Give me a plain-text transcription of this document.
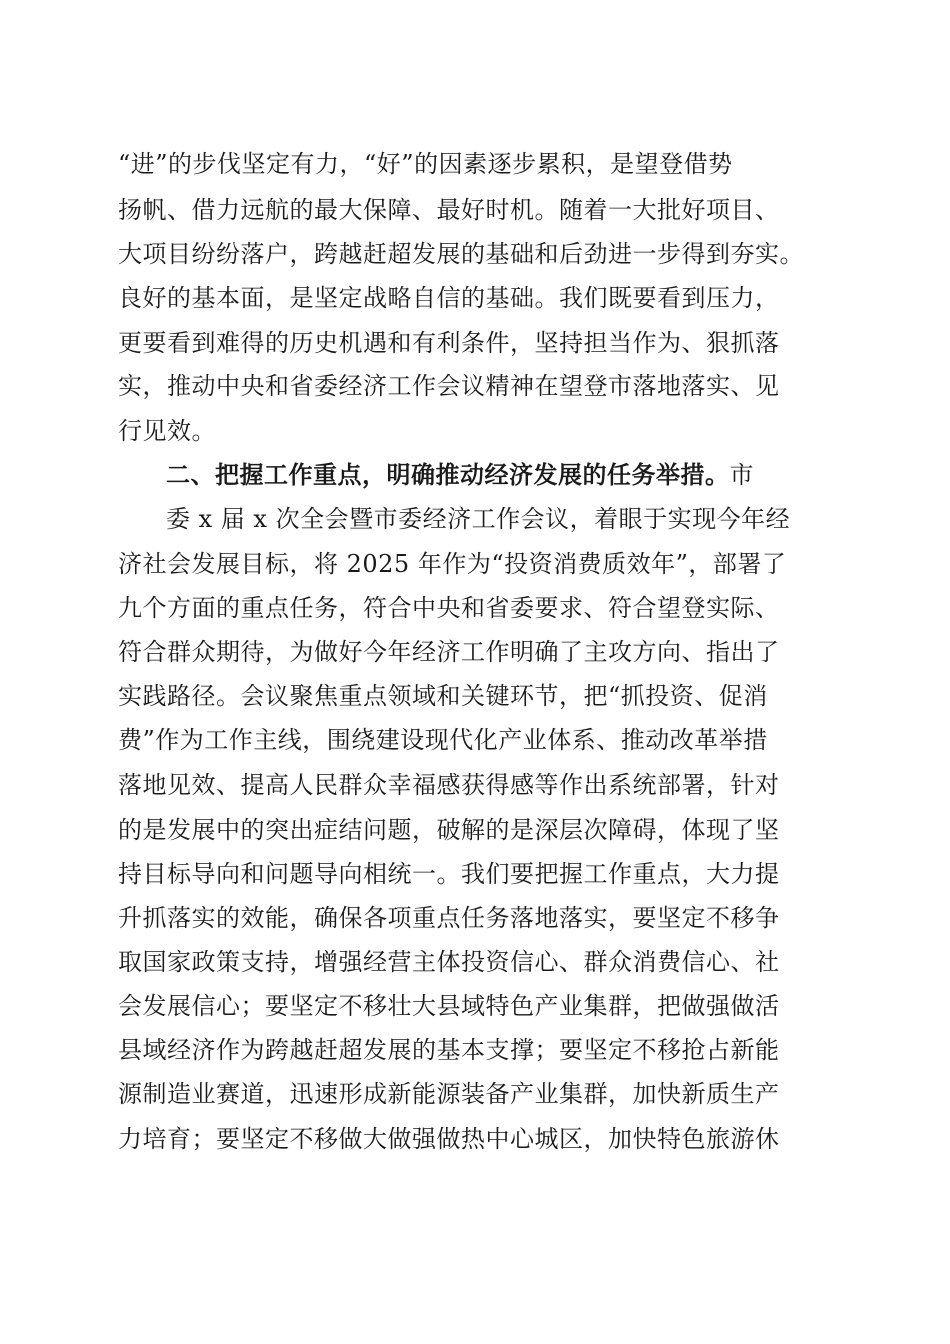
“进”的步伐坚定有力，“好”的因素逐步累积，是望登借势
扬帆、借力远航的最大保障、最好时机。随着一大批好项目、
大项目纷纷落户，跨越赶超发展的基础和后劲进一步得到夯实。
良好的基本面，是坚定战略自信的基础。我们既要看到压力，
更要看到难得的历史机遇和有利条件，坚持担当作为、狠抓落
实，推动中央和省委经济工作会议精神在望登市落地落实、见
行见效。
二、把握工作重点，明确推动经济发展的任务举措。市
委 x 届 x 次全会暨市委经济工作会议，着眼于实现今年经
济社会发展目标，将 2025 年作为“投资消费质效年”，部署了
九个方面的重点任务，符合中央和省委要求、符合望登实际、
符合群众期待，为做好今年经济工作明确了主攻方向、指出了
实践路径。会议聚焦重点领域和关键环节，把“抓投资、促消
费”作为工作主线，围绕建设现代化产业体系、推动改革举措
落地见效、提高人民群众幸福感获得感等作出系统部署，针对
的是发展中的突出症结问题，破解的是深层次障碍，体现了坚
持目标导向和问题导向相统一。我们要把握工作重点，大力提
升抓落实的效能，确保各项重点任务落地落实，要坚定不移争
取国家政策支持，增强经营主体投资信心、群众消费信心、社
会发展信心；要坚定不移壮大县域特色产业集群，把做强做活
县域经济作为跨越赶超发展的基本支撑；要坚定不移抢占新能
源制造业赛道，迅速形成新能源装备产业集群，加快新质生产
力培育；要坚定不移做大做强做热中心城区，加快特色旅游休
